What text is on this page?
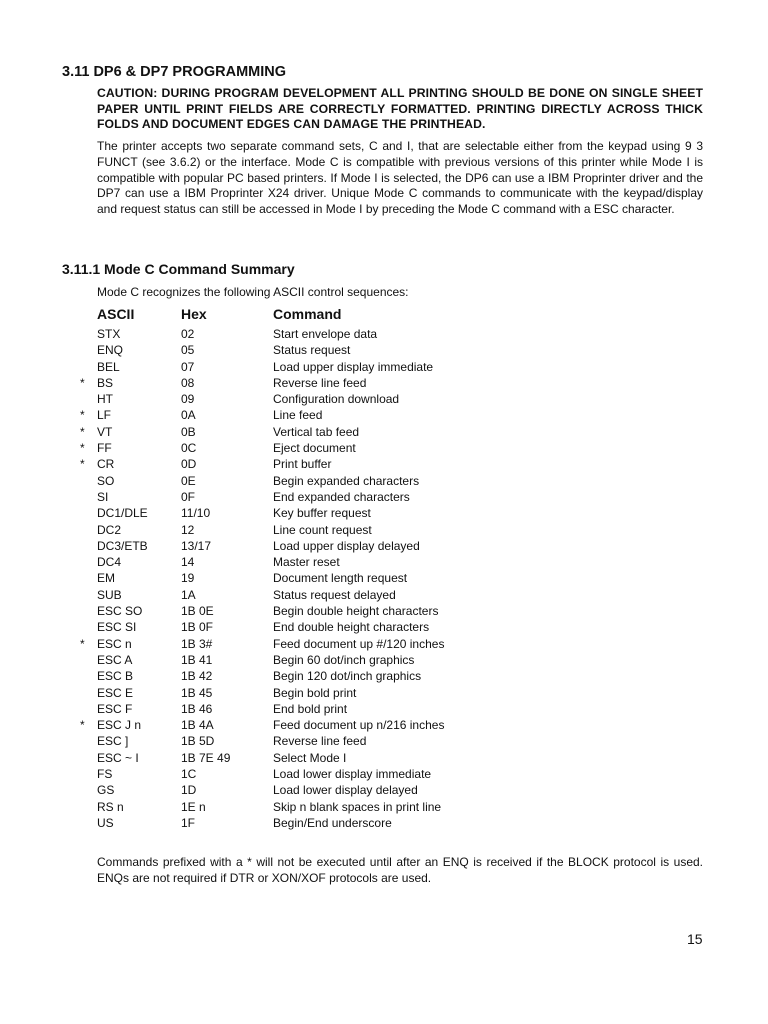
3.11 DP6 & DP7 PROGRAMMING

CAUTION: DURING PROGRAM DEVELOPMENT ALL PRINTING SHOULD BE DONE ON SINGLE SHEET PAPER UNTIL PRINT FIELDS ARE CORRECTLY FORMATTED. PRINTING DIRECTLY ACROSS THICK FOLDS AND DOCUMENT EDGES CAN DAMAGE THE PRINTHEAD.

The printer accepts two separate command sets, C and I, that are selectable either from the keypad using 9 3 FUNCT (see 3.6.2) or the interface. Mode C is compatible with previous versions of this printer while Mode I is compatible with popular PC based printers. If Mode I is selected, the DP6 can use a IBM Proprinter driver and the DP7 can use a IBM Proprinter X24 driver. Unique Mode C commands to communicate with the keypad/display and request status can still be accessed in Mode I by preceding the Mode C command with a ESC character.

3.11.1 Mode C Command Summary

Mode C recognizes the following ASCII control sequences:

	ASCII	Hex	Command
	STX	02	Start envelope data
	ENQ	05	Status request
	BEL	07	Load upper display immediate
*	BS	08	Reverse line feed
	HT	09	Configuration download
*	LF	0A	Line feed
*	VT	0B	Vertical tab feed
*	FF	0C	Eject document
*	CR	0D	Print buffer
	SO	0E	Begin expanded characters
	SI	0F	End expanded characters
	DC1/DLE	11/10	Key buffer request
	DC2	12	Line count request
	DC3/ETB	13/17	Load upper display delayed
	DC4	14	Master reset
	EM	19	Document length request
	SUB	1A	Status request delayed
	ESC SO	1B 0E	Begin double height characters
	ESC SI	1B 0F	End double height characters
*	ESC n	1B 3#	Feed document up #/120 inches
	ESC A	1B 41	Begin 60 dot/inch graphics
	ESC B	1B 42	Begin 120 dot/inch graphics
	ESC E	1B 45	Begin bold print
	ESC F	1B 46	End bold print
*	ESC J n	1B 4A	Feed document up n/216 inches
	ESC ]	1B 5D	Reverse line feed
	ESC ~ I	1B 7E 49	Select Mode I
	FS	1C	Load lower display immediate
	GS	1D	Load lower display delayed
	RS n	1E n	Skip n blank spaces in print line
	US	1F	Begin/End underscore

Commands prefixed with a * will not be executed until after an ENQ is received if the BLOCK protocol is used. ENQs are not required if DTR or XON/XOF protocols are used.

15
